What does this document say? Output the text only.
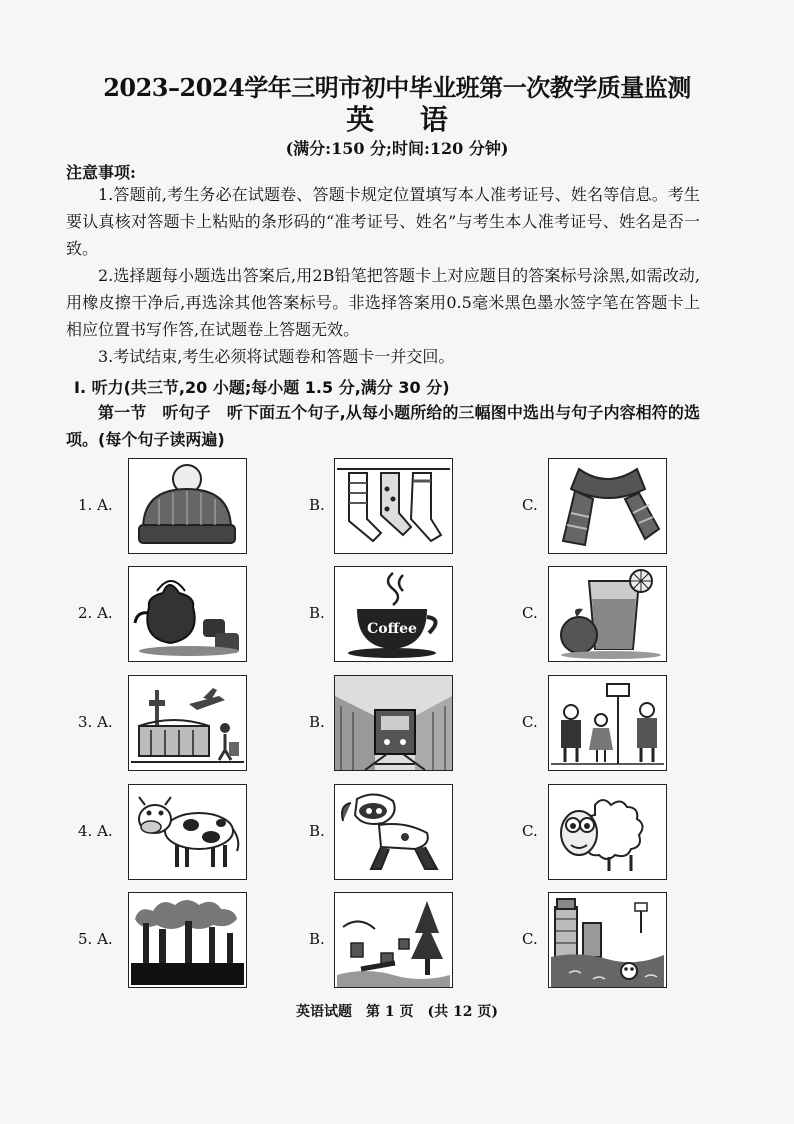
2023–2024学年三明市初中毕业班第一次教学质量监测
英 语
(满分:150 分;时间:120 分钟)
注意事项:
1.答题前,考生务必在试题卷、答题卡规定位置填写本人准考证号、姓名等信息。考生要认真核对答题卡上粘贴的条形码的“准考证号、姓名”与考生本人准考证号、姓名是否一致。
2.选择题每小题选出答案后,用2B铅笔把答题卡上对应题目的答案标号涂黑,如需改动,用橡皮擦干净后,再选涂其他答案标号。非选择答案用0.5毫米黑色墨水签字笔在答题卡上相应位置书写作答,在试题卷上答题无效。
3.考试结束,考生必须将试题卷和答题卡一并交回。
I. 听力(共三节,20 小题;每小题 1.5 分,满分 30 分)
第一节　听句子　听下面五个句子,从每小题所给的三幅图中选出与句子内容相符的选项。(每个句子读两遍)
1. A.	B.	C.
2. A.	B.
Coffee
C.
3. A.	B.	C.
4. A.	B.	C.
5. A.	B.	C.
英语试题　第 1 页　(共 12 页)
